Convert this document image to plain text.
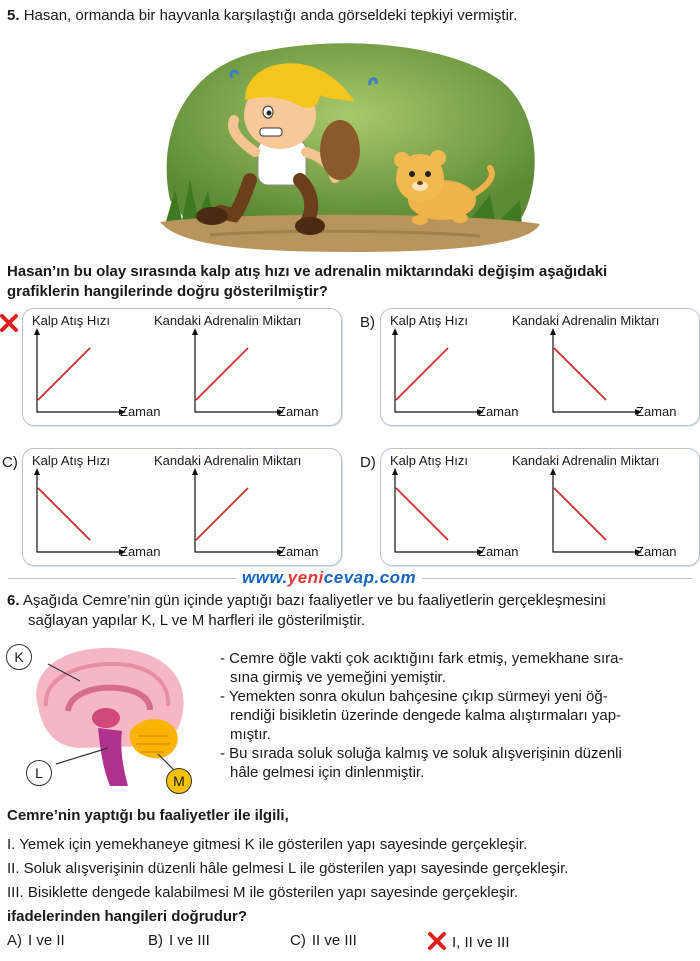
5. Hasan, ormanda bir hayvanla karşılaştığı anda görseldeki tepkiyi vermiştir.
Hasan’ın bu olay sırasında kalp atış hızı ve adrenalin miktarındaki değişim aşağıdaki
grafiklerin hangilerinde doğru gösterilmiştir?
Kalp Atış Hızı
Zaman
Kandaki Adrenalin Miktarı
Zaman
B) Kalp Atış Hızı
Zaman
Kandaki Adrenalin Miktarı
Zaman
C) Kalp Atış Hızı
Zaman
Kandaki Adrenalin Miktarı
Zaman
D) Kalp Atış Hızı
Zaman
Kandaki Adrenalin Miktarı
Zaman
www.yenicevap.com
6. Aşağıda Cemre’nin gün içinde yaptığı bazı faaliyetler ve bu faaliyetlerin gerçekleşmesini
sağlayan yapılar K, L ve M harfleri ile gösterilmiştir.
K
L	M
- Cemre öğle vakti çok acıktığını fark etmiş, yemekhane sıra-
sına girmiş ve yemeğini yemiştir.
- Yemekten sonra okulun bahçesine çıkıp sürmeyi yeni öğ-
rendiği bisikletin üzerinde dengede kalma alıştırmaları yap-
mıştır.
- Bu sırada soluk soluğa kalmış ve soluk alışverişinin düzenli
hâle gelmesi için dinlenmiştir.
Cemre’nin yaptığı bu faaliyetler ile ilgili,
I. Yemek için yemekhaneye gitmesi K ile gösterilen yapı sayesinde gerçekleşir.
II. Soluk alışverişinin düzenli hâle gelmesi L ile gösterilen yapı sayesinde gerçekleşir.
III. Bisiklette dengede kalabilmesi M ile gösterilen yapı sayesinde gerçekleşir.
ifadelerinden hangileri doğrudur?
A) I ve II	B) I ve III	C) II ve III	I, II ve III
